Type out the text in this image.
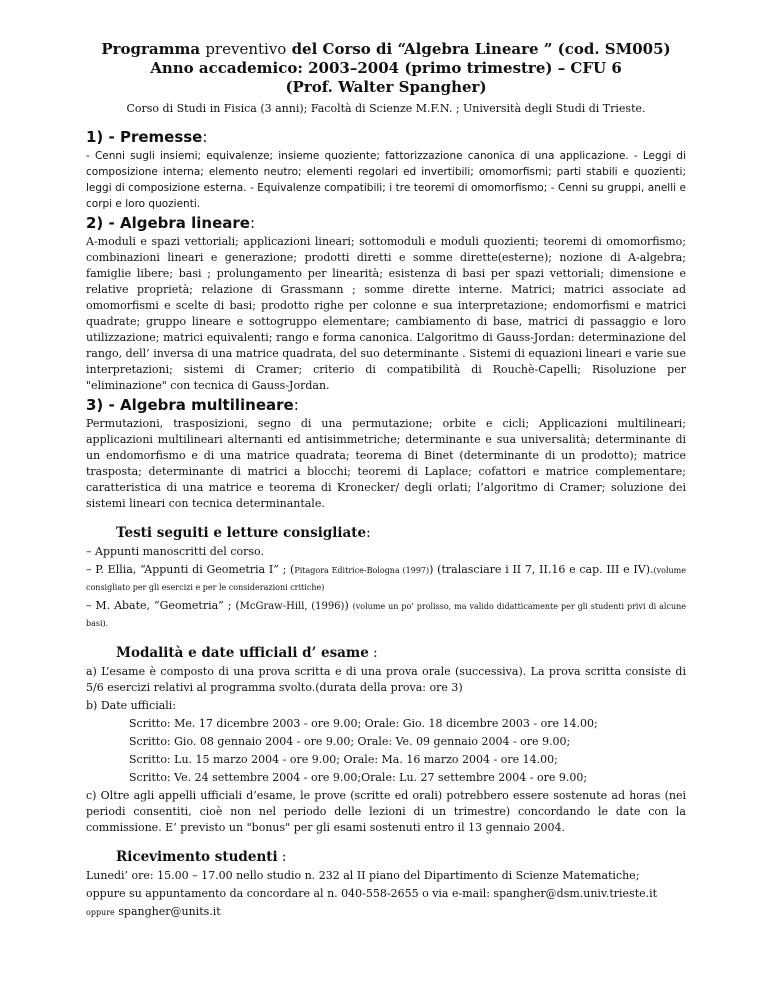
Programma preventivo del Corso di “Algebra Lineare ” (cod. SM005)
Anno accademico: 2003–2004 (primo trimestre) – CFU 6
(Prof. Walter Spangher)
Corso di Studi in Fisica (3 anni); Facoltà di Scienze M.F.N. ; Università degli Studi di Trieste.
1) - Premesse:

- Cenni sugli insiemi; equivalenze; insieme quoziente; fattorizzazione canonica di una applicazione. - Leggi di composizione interna; elemento neutro; elementi regolari ed invertibili; omomorfismi; parti stabili e quozienti; leggi di composizione esterna. - Equivalenze compatibili; i tre teoremi di omomorfismo; - Cenni su gruppi, anelli e corpi e loro quozienti.

2) - Algebra lineare:

A-moduli e spazi vettoriali; applicazioni lineari; sottomoduli e moduli quozienti; teoremi di omomorfismo; combinazioni lineari e generazione; prodotti diretti e somme dirette(esterne); nozione di A-algebra; famiglie libere; basi ; prolungamento per linearità; esistenza di basi per spazi vettoriali; dimensione e relative proprietà; relazione di Grassmann ; somme dirette interne. Matrici; matrici associate ad omomorfismi e scelte di basi; prodotto righe per colonne e sua interpretazione; endomorfismi e matrici quadrate; gruppo lineare e sottogruppo elementare; cambiamento di base, matrici di passaggio e loro utilizzazione; matrici equivalenti; rango e forma canonica. L’algoritmo di Gauss-Jordan: determinazione del rango, dell’ inversa di una matrice quadrata, del suo determinante . Sistemi di equazioni lineari e varie sue interpretazioni; sistemi di Cramer; criterio di compatibilità di Rouchè-Capelli; Risoluzione per "eliminazione" con tecnica di Gauss-Jordan.

3) - Algebra multilineare:

Permutazioni, trasposizioni, segno di una permutazione; orbite e cicli; Applicazioni multilineari; applicazioni multilineari alternanti ed antisimmetriche; determinante e sua universalità; determinante di un endomorfismo e di una matrice quadrata; teorema di Binet (determinante di un prodotto); matrice trasposta; determinante di matrici a blocchi; teoremi di Laplace; cofattori e matrice complementare; caratteristica di una matrice e teorema di Kronecker/ degli orlati; l’algoritmo di Cramer; soluzione dei sistemi lineari con tecnica determinantale.

Testi seguiti e letture consigliate:

– Appunti manoscritti del corso.

– P. Ellia, “Appunti di Geometria I” ; (Pitagora Editrice-Bologna (1997)) (tralasciare i II 7, II.16 e cap. III e IV).(volume consigliato per gli esercizi e per le considerazioni critiche)

– M. Abate, “Geometria” ; (McGraw-Hill, (1996)) (volume un po’ prolisso, ma valido didatticamente per gli studenti privi di alcune basi).

Modalità e date ufficiali d’ esame :

a) L’esame è composto di una prova scritta e di una prova orale (successiva). La prova scritta consiste di 5/6 esercizi relativi al programma svolto.(durata della prova: ore 3)

b) Date ufficiali:

Scritto: Me. 17 dicembre 2003 - ore 9.00; Orale: Gio. 18 dicembre 2003 - ore 14.00;

Scritto: Gio. 08 gennaio 2004 - ore 9.00; Orale: Ve. 09 gennaio 2004 - ore 9.00;

Scritto: Lu. 15 marzo 2004 - ore 9.00; Orale: Ma. 16 marzo 2004 - ore 14.00;

Scritto: Ve. 24 settembre 2004 - ore 9.00;Orale: Lu. 27 settembre 2004 - ore 9.00;

c) Oltre agli appelli ufficiali d’esame, le prove (scritte ed orali) potrebbero essere sostenute ad horas (nei periodi consentiti, cioè non nel periodo delle lezioni di un trimestre) concordando le date con la commissione. E’ previsto un "bonus" per gli esami sostenuti entro il 13 gennaio 2004.

Ricevimento studenti :

Lunedi’ ore: 15.00 – 17.00 nello studio n. 232 al II piano del Dipartimento di Scienze Matematiche;

oppure su appuntamento da concordare al n. 040-558-2655 o via e-mail: spangher@dsm.univ.trieste.it

oppure spangher@units.it
